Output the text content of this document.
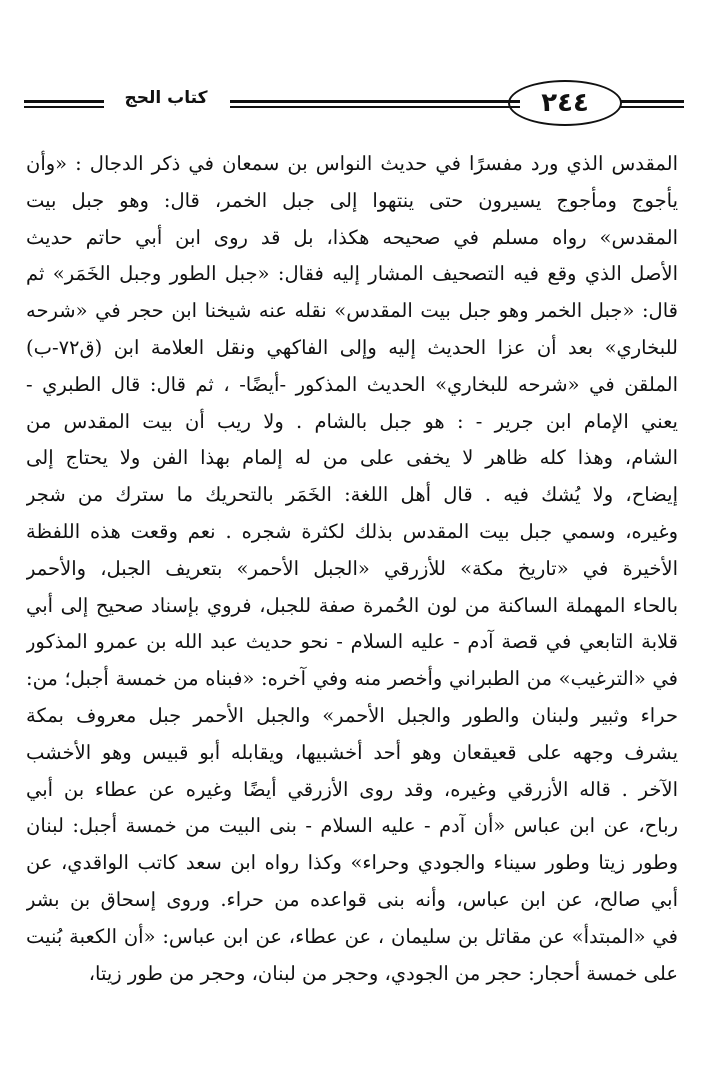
كتاب الحج	٢٤٤
المقدس الذي ورد مفسرًا في حديث النواس بن سمعان في ذكر الدجال : «وأن
يأجوج ومأجوج يسيرون حتى ينتهوا إلى جبل الخمر، قال: وهو جبل بيت
المقدس» رواه مسلم في صحيحه هكذا، بل قد روى ابن أبي حاتم حديث
الأصل الذي وقع فيه التصحيف المشار إليه فقال: «جبل الطور وجبل الخَمَر» ثم
قال: «جبل الخمر وهو جبل بيت المقدس» نقله عنه شيخنا ابن حجر في «شرحه
للبخاري» بعد أن عزا الحديث إليه وإلى الفاكهي ونقل العلامة ابن (ق٧٢-ب)
الملقن في «شرحه للبخاري» الحديث المذكور -أيضًا- ، ثم قال: قال الطبري -
يعني الإمام ابن جرير - : هو جبل بالشام . ولا ريب أن بيت المقدس من
الشام، وهذا كله ظاهر لا يخفى على من له إلمام بهذا الفن ولا يحتاج إلى
إيضاح، ولا يُشك فيه . قال أهل اللغة: الخَمَر بالتحريك ما سترك من شجر
وغيره، وسمي جبل بيت المقدس بذلك لكثرة شجره . نعم وقعت هذه اللفظة
الأخيرة في «تاريخ مكة» للأزرقي «الجبل الأحمر» بتعريف الجبل، والأحمر
بالحاء المهملة الساكنة من لون الحُمرة صفة للجبل، فروي بإسناد صحيح إلى أبي
قلابة التابعي في قصة آدم - عليه السلام - نحو حديث عبد الله بن عمرو المذكور
في «الترغيب» من الطبراني وأخصر منه وفي آخره: «فبناه من خمسة أجبل؛ من:
حراء وثبير ولبنان والطور والجبل الأحمر» والجبل الأحمر جبل معروف بمكة
يشرف وجهه على قعيقعان وهو أحد أخشبيها، ويقابله أبو قبيس وهو الأخشب
الآخر . قاله الأزرقي وغيره، وقد روى الأزرقي أيضًا وغيره عن عطاء بن أبي
رباح، عن ابن عباس «أن آدم - عليه السلام - بنى البيت من خمسة أجبل: لبنان
وطور زيتا وطور سيناء والجودي وحراء» وكذا رواه ابن سعد كاتب الواقدي، عن
أبي صالح، عن ابن عباس، وأنه بنى قواعده من حراء. وروى إسحاق بن بشر
في «المبتدأ» عن مقاتل بن سليمان ، عن عطاء، عن ابن عباس: «أن الكعبة بُنيت
على خمسة أحجار: حجر من الجودي، وحجر من لبنان، وحجر من طور زيتا،
